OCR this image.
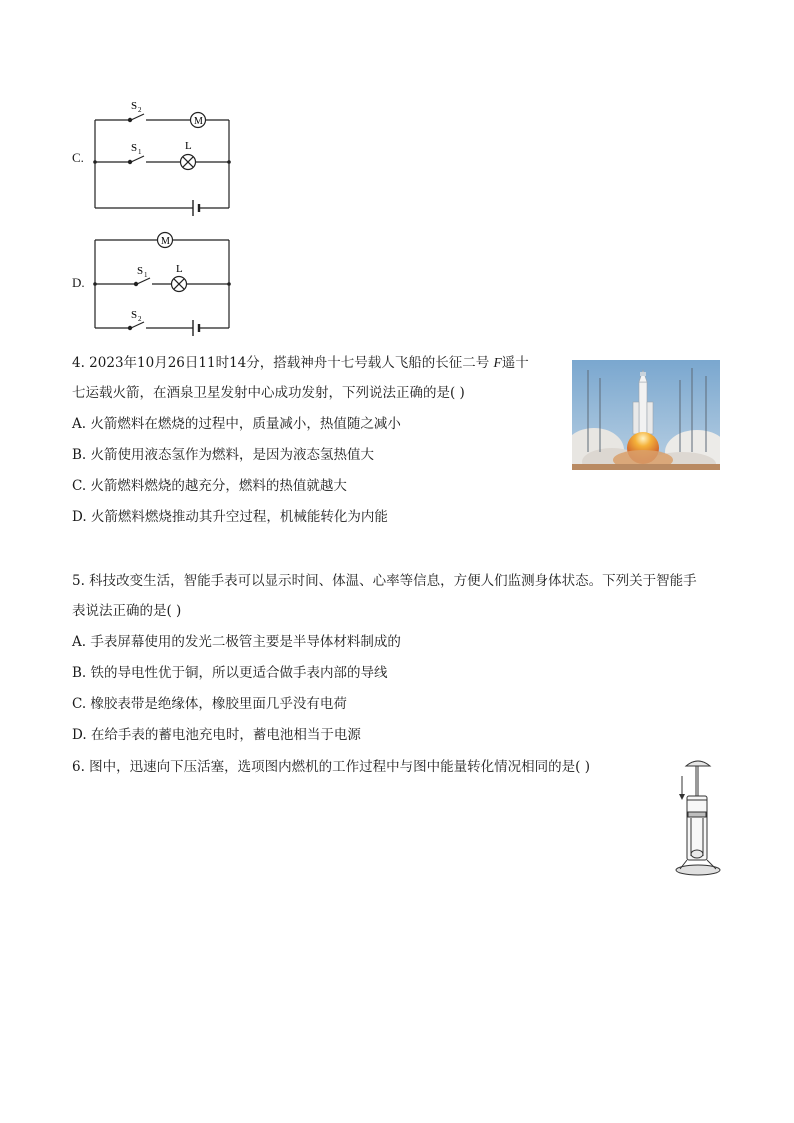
C.
M
S 2
S 1	L
D.
M
S 1	L
S 2
4. 2023年10月26日11时14分，搭载神舟十七号载人飞船的长征二号 F遥十
七运载火箭，在酒泉卫星发射中心成功发射，下列说法正确的是( )
A. 火箭燃料在燃烧的过程中，质量减小，热值随之减小
B. 火箭使用液态氢作为燃料，是因为液态氢热值大
C. 火箭燃料燃烧的越充分，燃料的热值就越大
D. 火箭燃料燃烧推动其升空过程，机械能转化为内能
5. 科技改变生活，智能手表可以显示时间、体温、心率等信息，方便人们监测身体状态。下列关于智能手
表说法正确的是( )
A. 手表屏幕使用的发光二极管主要是半导体材料制成的
B. 铁的导电性优于铜，所以更适合做手表内部的导线
C. 橡胶表带是绝缘体，橡胶里面几乎没有电荷
D. 在给手表的蓄电池充电时，蓄电池相当于电源
6. 图中，迅速向下压活塞，选项图内燃机的工作过程中与图中能量转化情况相同的是( )
